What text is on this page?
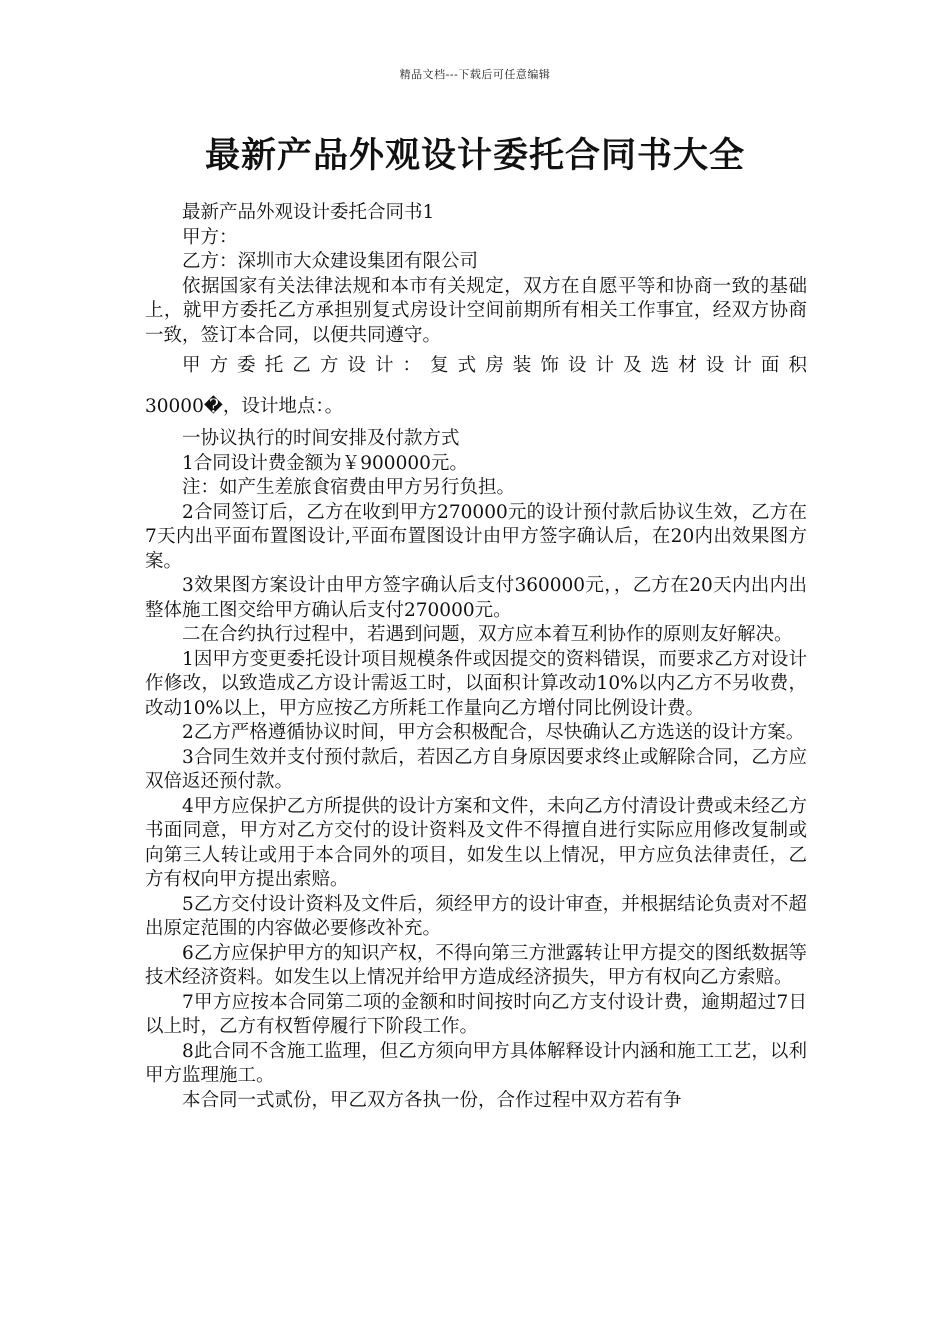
精品文档---下载后可任意编辑
最新产品外观设计委托合同书大全

最新产品外观设计委托合同书1

甲方：

乙方：深圳市大众建设集团有限公司

依据国家有关法律法规和本市有关规定，双方在自愿平等和协商一致的基础上，就甲方委托乙方承担别复式房设计空间前期所有相关工作事宜，经双方协商一致，签订本合同，以便共同遵守。

甲方委托乙方设计：复式房装饰设计及选材设计面积

30000�，设计地点：。

一协议执行的时间安排及付款方式

1合同设计费金额为￥900000元。

注：如产生差旅食宿费由甲方另行负担。

2合同签订后，乙方在收到甲方270000元的设计预付款后协议生效，乙方在7天内出平面布置图设计,平面布置图设计由甲方签字确认后，在20内出效果图方案。

3效果图方案设计由甲方签字确认后支付360000元，，乙方在20天内出内出整体施工图交给甲方确认后支付270000元。

二在合约执行过程中，若遇到问题，双方应本着互利协作的原则友好解决。

1因甲方变更委托设计项目规模条件或因提交的资料错误，而要求乙方对设计作修改，以致造成乙方设计需返工时，以面积计算改动10%以内乙方不另收费，改动10%以上，甲方应按乙方所耗工作量向乙方增付同比例设计费。

2乙方严格遵循协议时间，甲方会积极配合，尽快确认乙方选送的设计方案。

3合同生效并支付预付款后，若因乙方自身原因要求终止或解除合同，乙方应双倍返还预付款。

4甲方应保护乙方所提供的设计方案和文件，未向乙方付清设计费或未经乙方书面同意，甲方对乙方交付的设计资料及文件不得擅自进行实际应用修改复制或向第三人转让或用于本合同外的项目，如发生以上情况，甲方应负法律责任，乙方有权向甲方提出索赔。

5乙方交付设计资料及文件后，须经甲方的设计审查，并根据结论负责对不超出原定范围的内容做必要修改补充。

6乙方应保护甲方的知识产权，不得向第三方泄露转让甲方提交的图纸数据等技术经济资料。如发生以上情况并给甲方造成经济损失，甲方有权向乙方索赔。

7甲方应按本合同第二项的金额和时间按时向乙方支付设计费，逾期超过7日以上时，乙方有权暂停履行下阶段工作。

8此合同不含施工监理，但乙方须向甲方具体解释设计内涵和施工工艺，以利甲方监理施工。

本合同一式贰份，甲乙双方各执一份，合作过程中双方若有争
